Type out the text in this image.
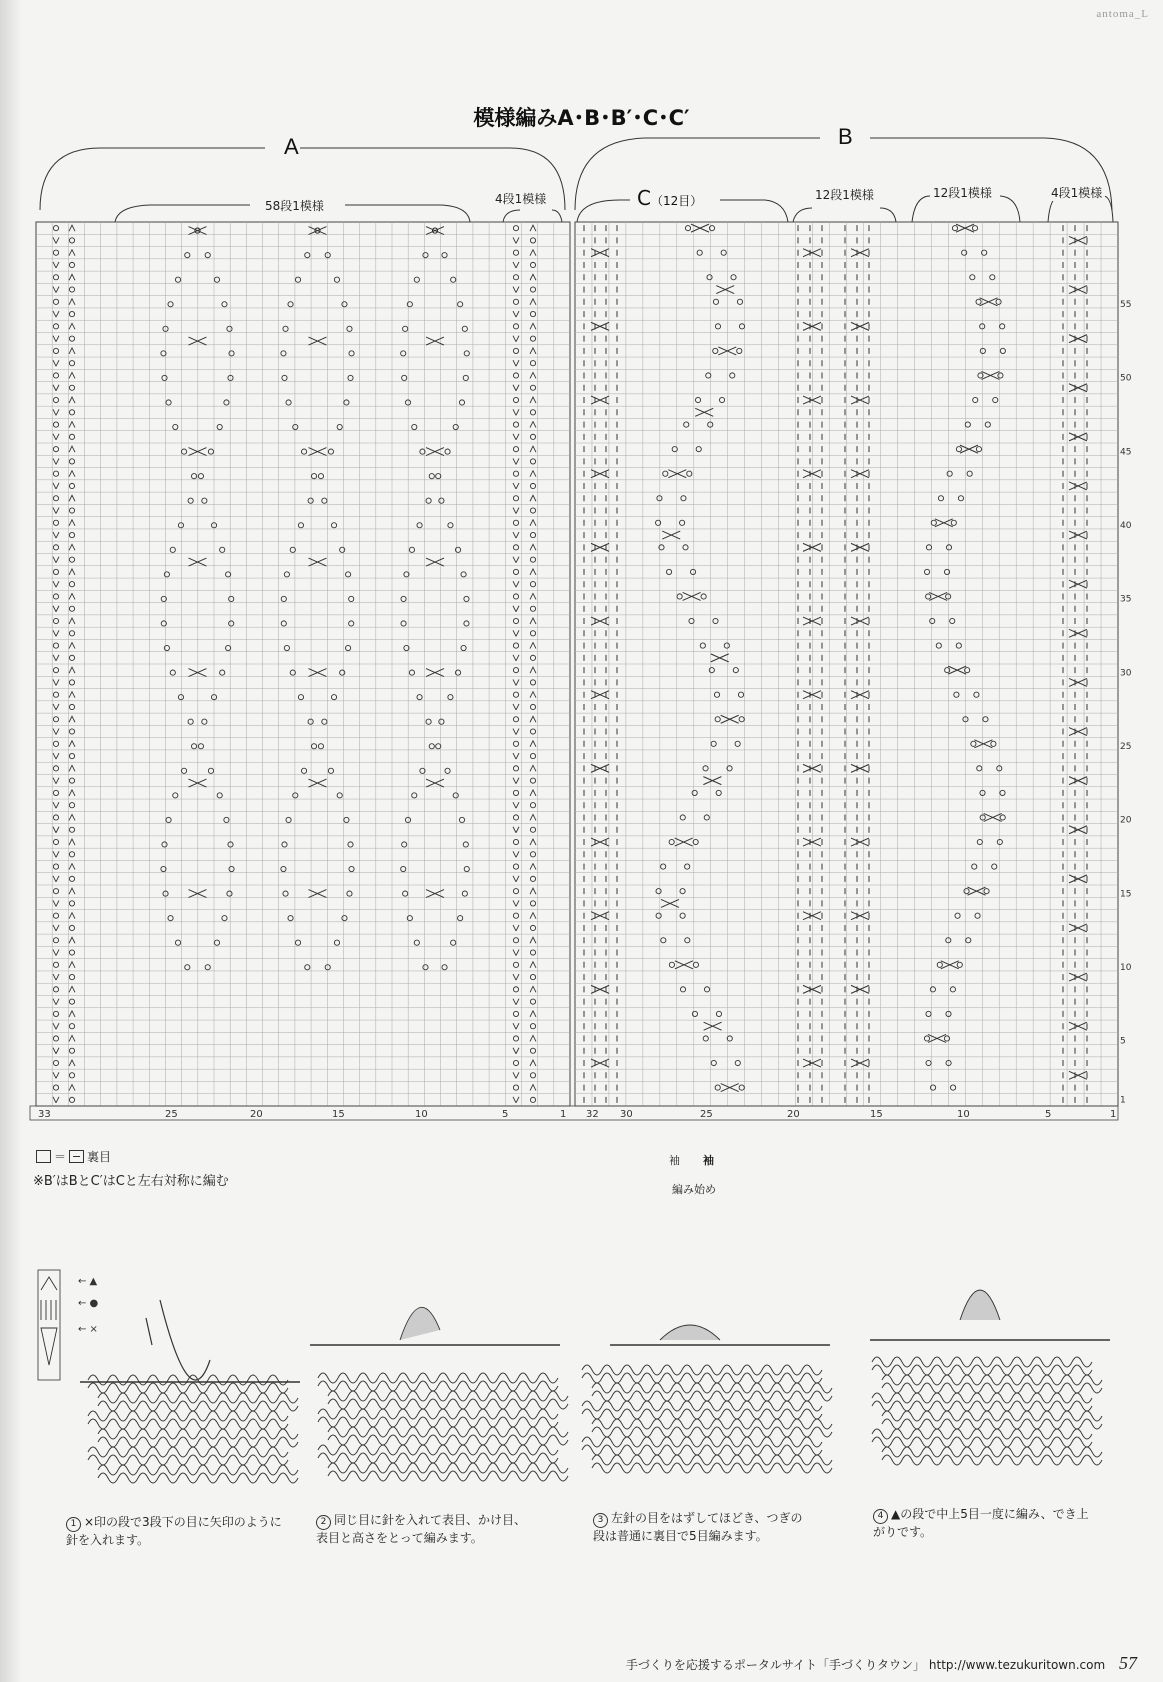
antoma_L
模様編みA･B･B′･C･C′
55
50
45
40
35
30
25
20
15
10
5
1
33	25	20	15	10	5	1 32 30	25	20	15	10	5	1
← ▲
← ●
← ×
A	B
58段1模様	4段1模様	C（12目）	12段1模様	12段1模様	4段1模様
＝ 裏目
※B′はBとC′はCと左右対称に編む
袖 袖
編み始め
1 ×印の段で3段下の目に矢印のように針を入れます。
2 同じ目に針を入れて表目、かけ目、表目と高さをとって編みます。
3 左針の目をはずしてほどき、つぎの段は普通に裏目で5目編みます。
4 ▲の段で中上5目一度に編み、でき上がりです。
手づくりを応援するポータルサイト「手づくりタウン」 http://www.tezukuritown.com 57
